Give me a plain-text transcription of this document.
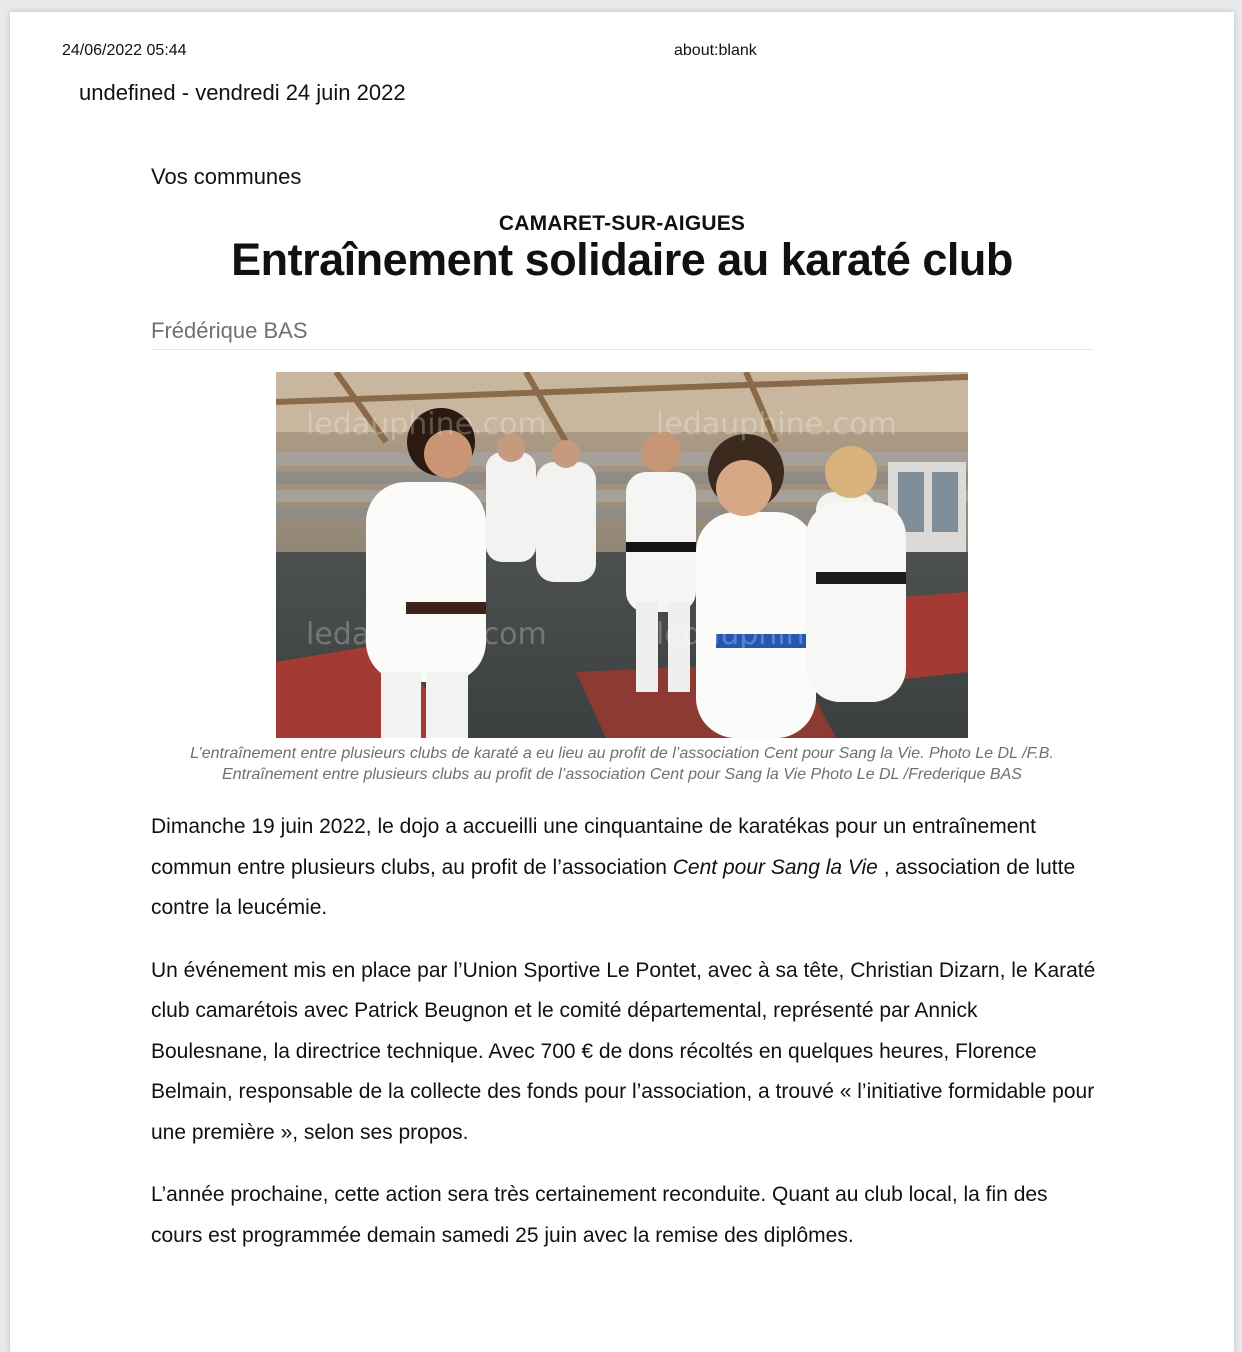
24/06/2022 05:44	about:blank
undefined - vendredi 24 juin 2022
Vos communes
CAMARET-SUR-AIGUES
Entraînement solidaire au karaté club
Frédérique BAS
ledauphine.com	ledauphine.com
ledauphine.com	ledauphine.com
L’entraînement entre plusieurs clubs de karaté a eu lieu au profit de l’association Cent pour Sang la Vie. Photo Le DL /F.B. Entraînement entre plusieurs clubs au profit de l’association Cent pour Sang la Vie Photo Le DL /Frederique BAS

Dimanche 19 juin 2022, le dojo a accueilli une cinquantaine de karatékas pour un entraînement commun entre plusieurs clubs, au profit de l’association Cent pour Sang la Vie , association de lutte contre la leucémie.

Un événement mis en place par l’Union Sportive Le Pontet, avec à sa tête, Christian Dizarn, le Karaté club camarétois avec Patrick Beugnon et le comité départemental, représenté par Annick Boulesnane, la directrice technique. Avec 700 € de dons récoltés en quelques heures, Florence Belmain, responsable de la collecte des fonds pour l’association, a trouvé « l’initiative formidable pour une première », selon ses propos.

L’année prochaine, cette action sera très certainement reconduite. Quant au club local, la fin des cours est programmée demain samedi 25 juin avec la remise des diplômes.
